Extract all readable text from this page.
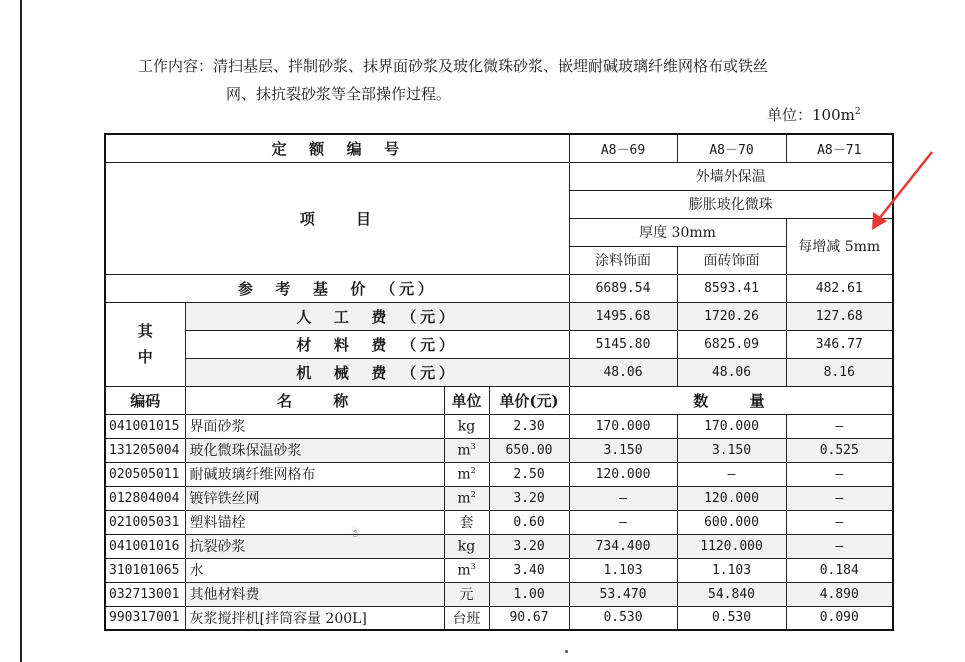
工作内容：清扫基层、拌制砂浆、抹界面砂浆及玻化微珠砂浆、嵌埋耐碱玻璃纤维网格布或铁丝
网、抹抗裂砂浆等全部操作过程。
单位：$100m^2$
定　额　编　号				A8－69	A8－70	A8－71
项　　目				外墙外保温		
				膨胀玻化微珠		
				厚度 30mm		每增减 5mm
				涂料饰面	面砖饰面	
参　考　基　价　（元）				6689.54	8593.41	482.61
其中	人　工　费　（元）			1495.68	1720.26	127.68
	材　料　费　（元）			5145.80	6825.09	346.77
	机　械　费　（元）			48.06	48.06	8.16
编码	名　　称	单位	单价(元)	数　　量		
041001015	界面砂浆	kg	2.30	170.000	170.000	—
131205004	玻化微珠保温砂浆	$m^3$	650.00	3.150	3.150	0.525
020505011	耐碱玻璃纤维网格布	$m^2$	2.50	120.000	—	—
012804004	镀锌铁丝网	$m^2$	3.20	—	120.000	—
021005031	塑料锚栓	套	0.60	—	600.000	—
041001016	抗裂砂浆	kg	3.20	734.400	1120.000	—
310101065	水	$m^3$	3.40	1.103	1.103	0.184
032713001	其他材料费	元	1.00	53.470	54.840	4.890
990317001	灰浆搅拌机[拌筒容量 200L]	台班	90.67	0.530	0.530	0.090
☃
